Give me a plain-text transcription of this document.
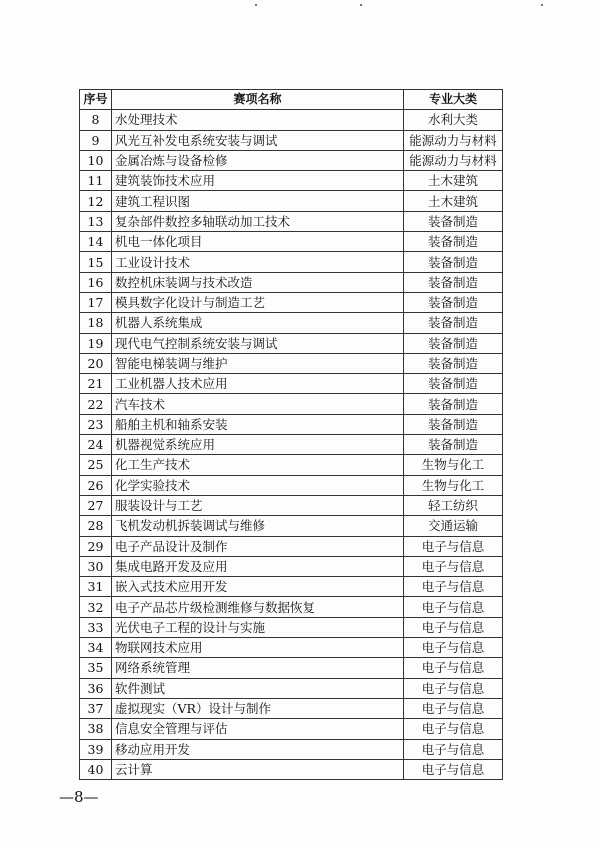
序号	赛项名称	专业大类
8	水处理技术	水利大类
9	风光互补发电系统安装与调试	能源动力与材料
10	金属冶炼与设备检修	能源动力与材料
11	建筑装饰技术应用	土木建筑
12	建筑工程识图	土木建筑
13	复杂部件数控多轴联动加工技术	装备制造
14	机电一体化项目	装备制造
15	工业设计技术	装备制造
16	数控机床装调与技术改造	装备制造
17	模具数字化设计与制造工艺	装备制造
18	机器人系统集成	装备制造
19	现代电气控制系统安装与调试	装备制造
20	智能电梯装调与维护	装备制造
21	工业机器人技术应用	装备制造
22	汽车技术	装备制造
23	船舶主机和轴系安装	装备制造
24	机器视觉系统应用	装备制造
25	化工生产技术	生物与化工
26	化学实验技术	生物与化工
27	服装设计与工艺	轻工纺织
28	飞机发动机拆装调试与维修	交通运输
29	电子产品设计及制作	电子与信息
30	集成电路开发及应用	电子与信息
31	嵌入式技术应用开发	电子与信息
32	电子产品芯片级检测维修与数据恢复	电子与信息
33	光伏电子工程的设计与实施	电子与信息
34	物联网技术应用	电子与信息
35	网络系统管理	电子与信息
36	软件测试	电子与信息
37	虚拟现实（VR）设计与制作	电子与信息
38	信息安全管理与评估	电子与信息
39	移动应用开发	电子与信息
40	云计算	电子与信息
—8—
